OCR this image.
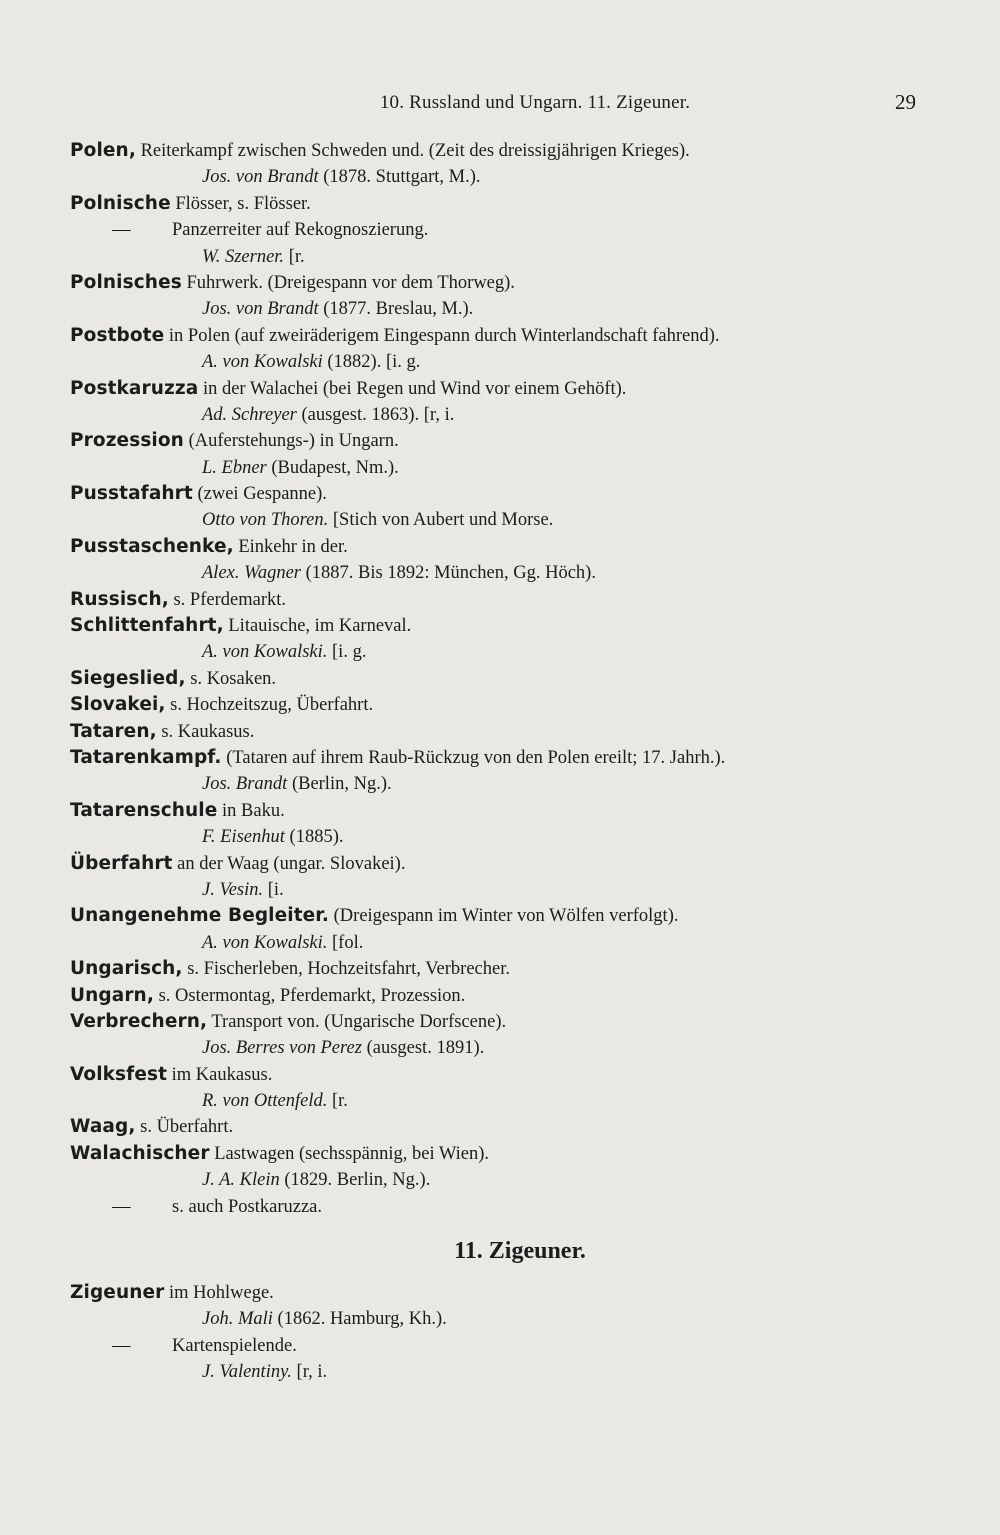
10. Russland und Ungarn. 11. Zigeuner.	29
Polen, Reiterkampf zwischen Schweden und. (Zeit des dreissigjährigen Krieges).
Jos. von Brandt (1878. Stuttgart, M.).
Polnische Flösser, s. Flösser.
— Panzerreiter auf Rekognoszierung.
W. Szerner. [r.
Polnisches Fuhrwerk. (Dreigespann vor dem Thorweg).
Jos. von Brandt (1877. Breslau, M.).
Postbote in Polen (auf zweiräderigem Eingespann durch Winterlandschaft fahrend).
A. von Kowalski (1882). [i. g.
Postkaruzza in der Walachei (bei Regen und Wind vor einem Gehöft).
Ad. Schreyer (ausgest. 1863). [r, i.
Prozession (Auferstehungs-) in Ungarn.
L. Ebner (Budapest, Nm.).
Pusstafahrt (zwei Gespanne).
Otto von Thoren. [Stich von Aubert und Morse.
Pusstaschenke, Einkehr in der.
Alex. Wagner (1887. Bis 1892: München, Gg. Höch).
Russisch, s. Pferdemarkt.
Schlittenfahrt, Litauische, im Karneval.
A. von Kowalski. [i. g.
Siegeslied, s. Kosaken.
Slovakei, s. Hochzeitszug, Überfahrt.
Tataren, s. Kaukasus.
Tatarenkampf. (Tataren auf ihrem Raub-Rückzug von den Polen ereilt; 17. Jahrh.).
Jos. Brandt (Berlin, Ng.).
Tatarenschule in Baku.
F. Eisenhut (1885).
Überfahrt an der Waag (ungar. Slovakei).
J. Vesin. [i.
Unangenehme Begleiter. (Dreigespann im Winter von Wölfen verfolgt).
A. von Kowalski. [fol.
Ungarisch, s. Fischerleben, Hochzeitsfahrt, Verbrecher.
Ungarn, s. Ostermontag, Pferdemarkt, Prozession.
Verbrechern, Transport von. (Ungarische Dorfscene).
Jos. Berres von Perez (ausgest. 1891).
Volksfest im Kaukasus.
R. von Ottenfeld. [r.
Waag, s. Überfahrt.
Walachischer Lastwagen (sechsspännig, bei Wien).
J. A. Klein (1829. Berlin, Ng.).
— s. auch Postkaruzza.
11. Zigeuner.
Zigeuner im Hohlwege.
Joh. Mali (1862. Hamburg, Kh.).
— Kartenspielende.
J. Valentiny. [r, i.
